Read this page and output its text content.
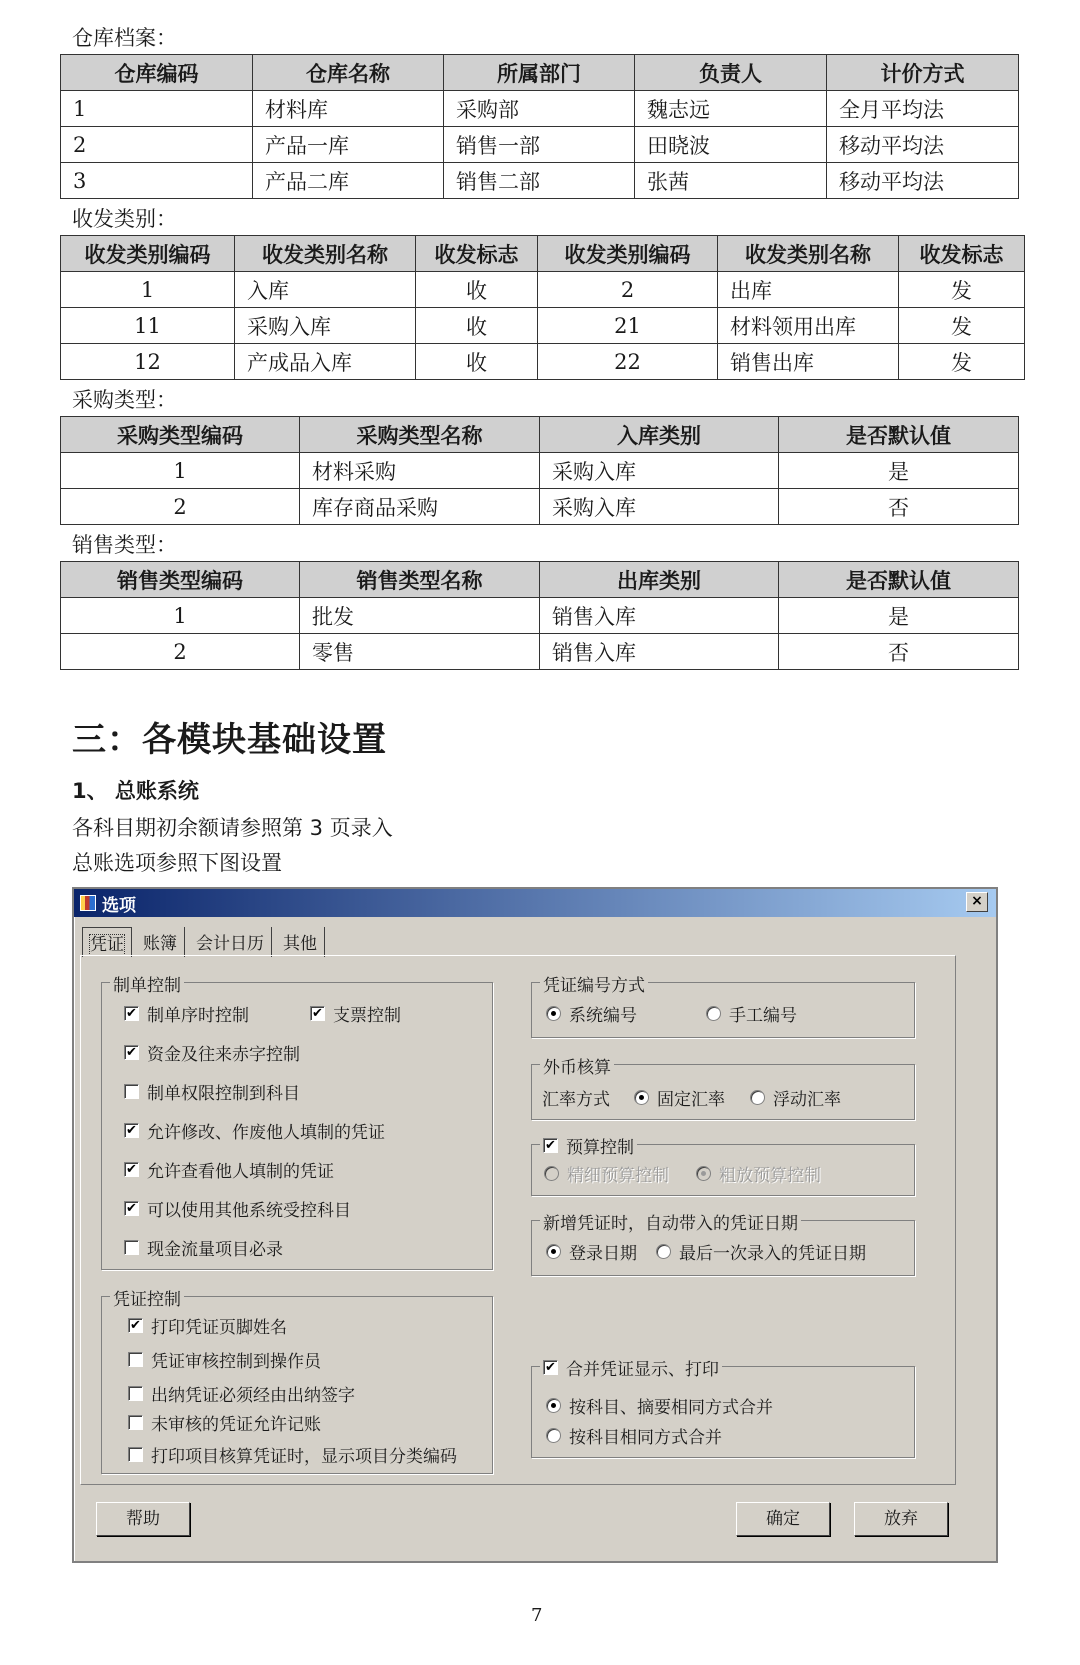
仓库档案：
仓库编码	仓库名称	所属部门	负责人	计价方式
1	材料库	采购部	魏志远	全月平均法
2	产品一库	销售一部	田晓波	移动平均法
3	产品二库	销售二部	张茜	移动平均法
收发类别：
收发类别编码	收发类别名称	收发标志	收发类别编码	收发类别名称	收发标志
1	入库	收	2	出库	发
11	采购入库	收	21	材料领用出库	发
12	产成品入库	收	22	销售出库	发
采购类型：
采购类型编码	采购类型名称	入库类别	是否默认值
1	材料采购	采购入库	是
2	库存商品采购	采购入库	否
销售类型：
销售类型编码	销售类型名称	出库类别	是否默认值
1	批发	销售入库	是
2	零售	销售入库	否
三：各模块基础设置
1、 总账系统
各科目期初余额请参照第 3 页录入
总账选项参照下图设置
选项	×
凭证	账簿	会计日历	其他
制单控制
✔ 制单序时控制	✔ 支票控制
✔ 资金及往来赤字控制
制单权限控制到科目
✔ 允许修改、作废他人填制的凭证
✔ 允许查看他人填制的凭证
✔ 可以使用其他系统受控科目
现金流量项目必录
凭证控制
✔ 打印凭证页脚姓名
凭证审核控制到操作员
出纳凭证必须经由出纳签字
未审核的凭证允许记账
打印项目核算凭证时，显示项目分类编码
凭证编号方式
系统编号	手工编号
外币核算
汇率方式	固定汇率	浮动汇率
✔ 预算控制
精细预算控制	粗放预算控制
新增凭证时，自动带入的凭证日期
登录日期 最后一次录入的凭证日期
✔ 合并凭证显示、打印
按科目、摘要相同方式合并
按科目相同方式合并
帮助	确定	放弃
7
